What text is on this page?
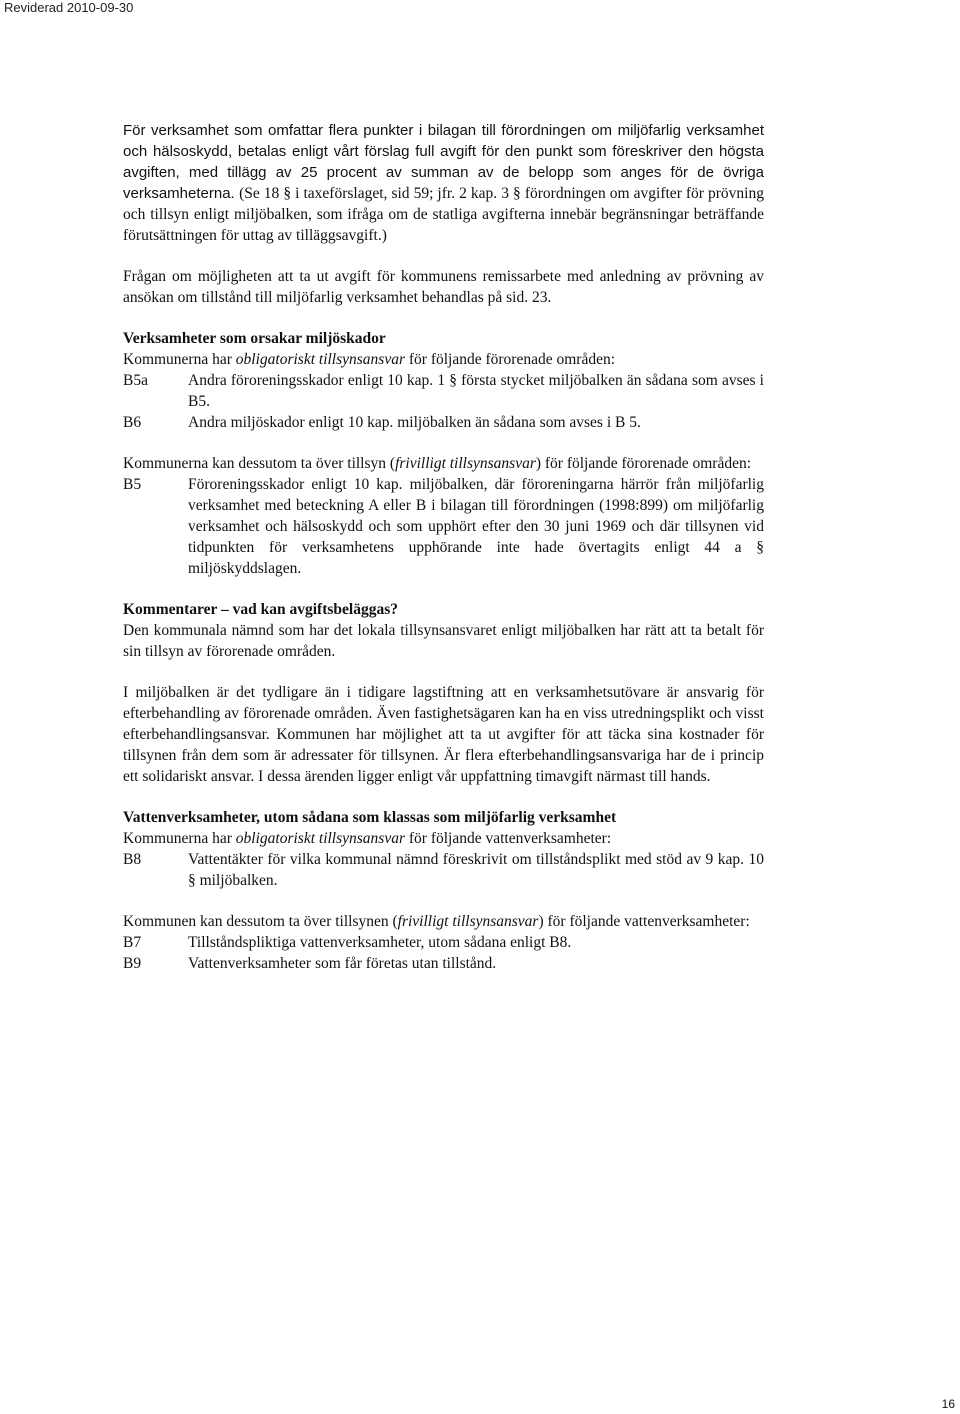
Reviderad 2010-09-30

För verksamhet som omfattar flera punkter i bilagan till förordningen om miljöfarlig verksamhet och hälsoskydd, betalas enligt vårt förslag full avgift för den punkt som föreskriver den högsta avgiften, med tillägg av 25 procent av summan av de belopp som anges för de övriga verksamheterna. (Se 18 § i taxeförslaget, sid 59; jfr. 2 kap. 3 § förordningen om avgifter för prövning och tillsyn enligt miljöbalken, som ifråga om de statliga avgifterna innebär begränsningar beträffande förutsättningen för uttag av tilläggsavgift.)

Frågan om möjligheten att ta ut avgift för kommunens remissarbete med anledning av prövning av ansökan om tillstånd till miljöfarlig verksamhet behandlas på sid. 23.

Verksamheter som orsakar miljöskador

Kommunerna har obligatoriskt tillsynsansvar för följande förorenade områden:

B5a	Andra föroreningsskador enligt 10 kap. 1 § första stycket miljöbalken än sådana som avses i B5.
B6	Andra miljöskador enligt 10 kap. miljöbalken än sådana som avses i B 5.

Kommunerna kan dessutom ta över tillsyn (frivilligt tillsynsansvar) för följande förorenade områden:

B5	Föroreningsskador enligt 10 kap. miljöbalken, där föroreningarna härrör från miljöfarlig verksamhet med beteckning A eller B i bilagan till förordningen (1998:899) om miljöfarlig verksamhet och hälsoskydd och som upphört efter den 30 juni 1969 och där tillsynen vid tidpunkten för verksamhetens upphörande inte hade övertagits enligt 44 a § miljöskyddslagen.

Kommentarer – vad kan avgiftsbeläggas?

Den kommunala nämnd som har det lokala tillsynsansvaret enligt miljöbalken har rätt att ta betalt för sin tillsyn av förorenade områden.

I miljöbalken är det tydligare än i tidigare lagstiftning att en verksamhetsutövare är ansvarig för efterbehandling av förorenade områden. Även fastighetsägaren kan ha en viss utredningsplikt och visst efterbehandlingsansvar. Kommunen har möjlighet att ta ut avgifter för att täcka sina kostnader för tillsynen från dem som är adressater för tillsynen. Är flera efterbehandlingsansvariga har de i princip ett solidariskt ansvar. I dessa ärenden ligger enligt vår uppfattning timavgift närmast till hands.

Vattenverksamheter, utom sådana som klassas som miljöfarlig verksamhet

Kommunerna har obligatoriskt tillsynsansvar för följande vattenverksamheter:

B8	Vattentäkter för vilka kommunal nämnd föreskrivit om tillståndsplikt med stöd av 9 kap. 10 § miljöbalken.

Kommunen kan dessutom ta över tillsynen (frivilligt tillsynsansvar) för följande vattenverksamheter:

B7	Tillståndspliktiga vattenverksamheter, utom sådana enligt B8.
B9	Vattenverksamheter som får företas utan tillstånd.
16
